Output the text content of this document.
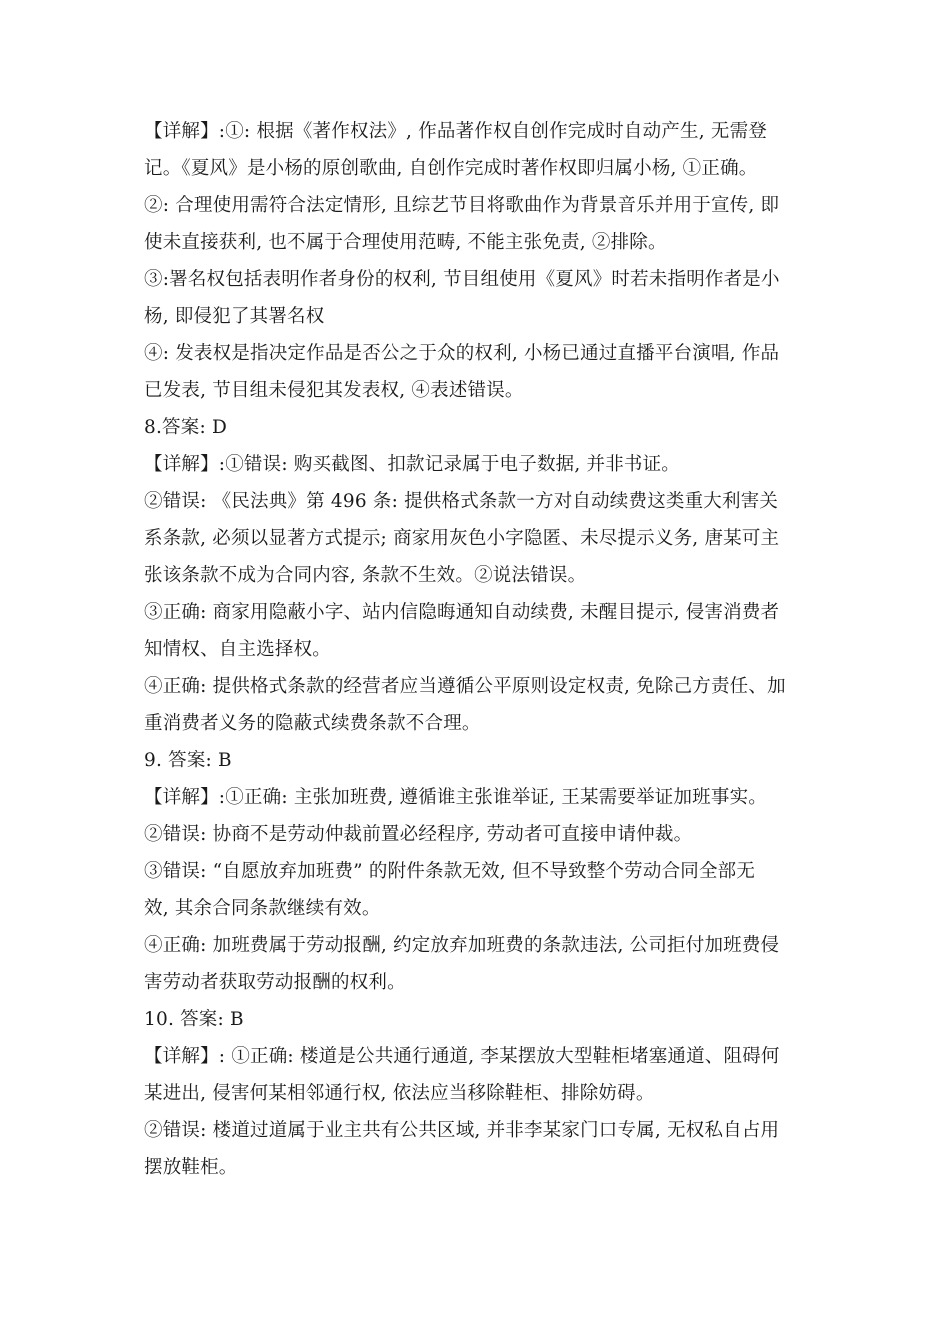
【详解】:①: 根据《著作权法》, 作品著作权自创作完成时自动产生, 无需登
记。《夏风》是小杨的原创歌曲, 自创作完成时著作权即归属小杨, ①正确。
②: 合理使用需符合法定情形, 且综艺节目将歌曲作为背景音乐并用于宣传, 即
使未直接获利, 也不属于合理使用范畴, 不能主张免责, ②排除。
③:署名权包括表明作者身份的权利, 节目组使用《夏风》时若未指明作者是小
杨, 即侵犯了其署名权
④: 发表权是指决定作品是否公之于众的权利, 小杨已通过直播平台演唱, 作品
已发表, 节目组未侵犯其发表权, ④表述错误。
8.答案: D
【详解】:①错误: 购买截图、扣款记录属于电子数据, 并非书证。
②错误: 《民法典》第 496 条: 提供格式条款一方对自动续费这类重大利害关
系条款, 必须以显著方式提示; 商家用灰色小字隐匿、未尽提示义务, 唐某可主
张该条款不成为合同内容, 条款不生效。②说法错误。
③正确: 商家用隐蔽小字、站内信隐晦通知自动续费, 未醒目提示, 侵害消费者
知情权、自主选择权。
④正确: 提供格式条款的经营者应当遵循公平原则设定权责, 免除己方责任、加
重消费者义务的隐蔽式续费条款不合理。
9. 答案: B
【详解】:①正确: 主张加班费, 遵循谁主张谁举证, 王某需要举证加班事实。
②错误: 协商不是劳动仲裁前置必经程序, 劳动者可直接申请仲裁。
③错误: “自愿放弃加班费” 的附件条款无效, 但不导致整个劳动合同全部无
效, 其余合同条款继续有效。
④正确: 加班费属于劳动报酬, 约定放弃加班费的条款违法, 公司拒付加班费侵
害劳动者获取劳动报酬的权利。
10. 答案: B
【详解】: ①正确: 楼道是公共通行通道, 李某摆放大型鞋柜堵塞通道、阻碍何
某进出, 侵害何某相邻通行权, 依法应当移除鞋柜、排除妨碍。
②错误: 楼道过道属于业主共有公共区域, 并非李某家门口专属, 无权私自占用
摆放鞋柜。
